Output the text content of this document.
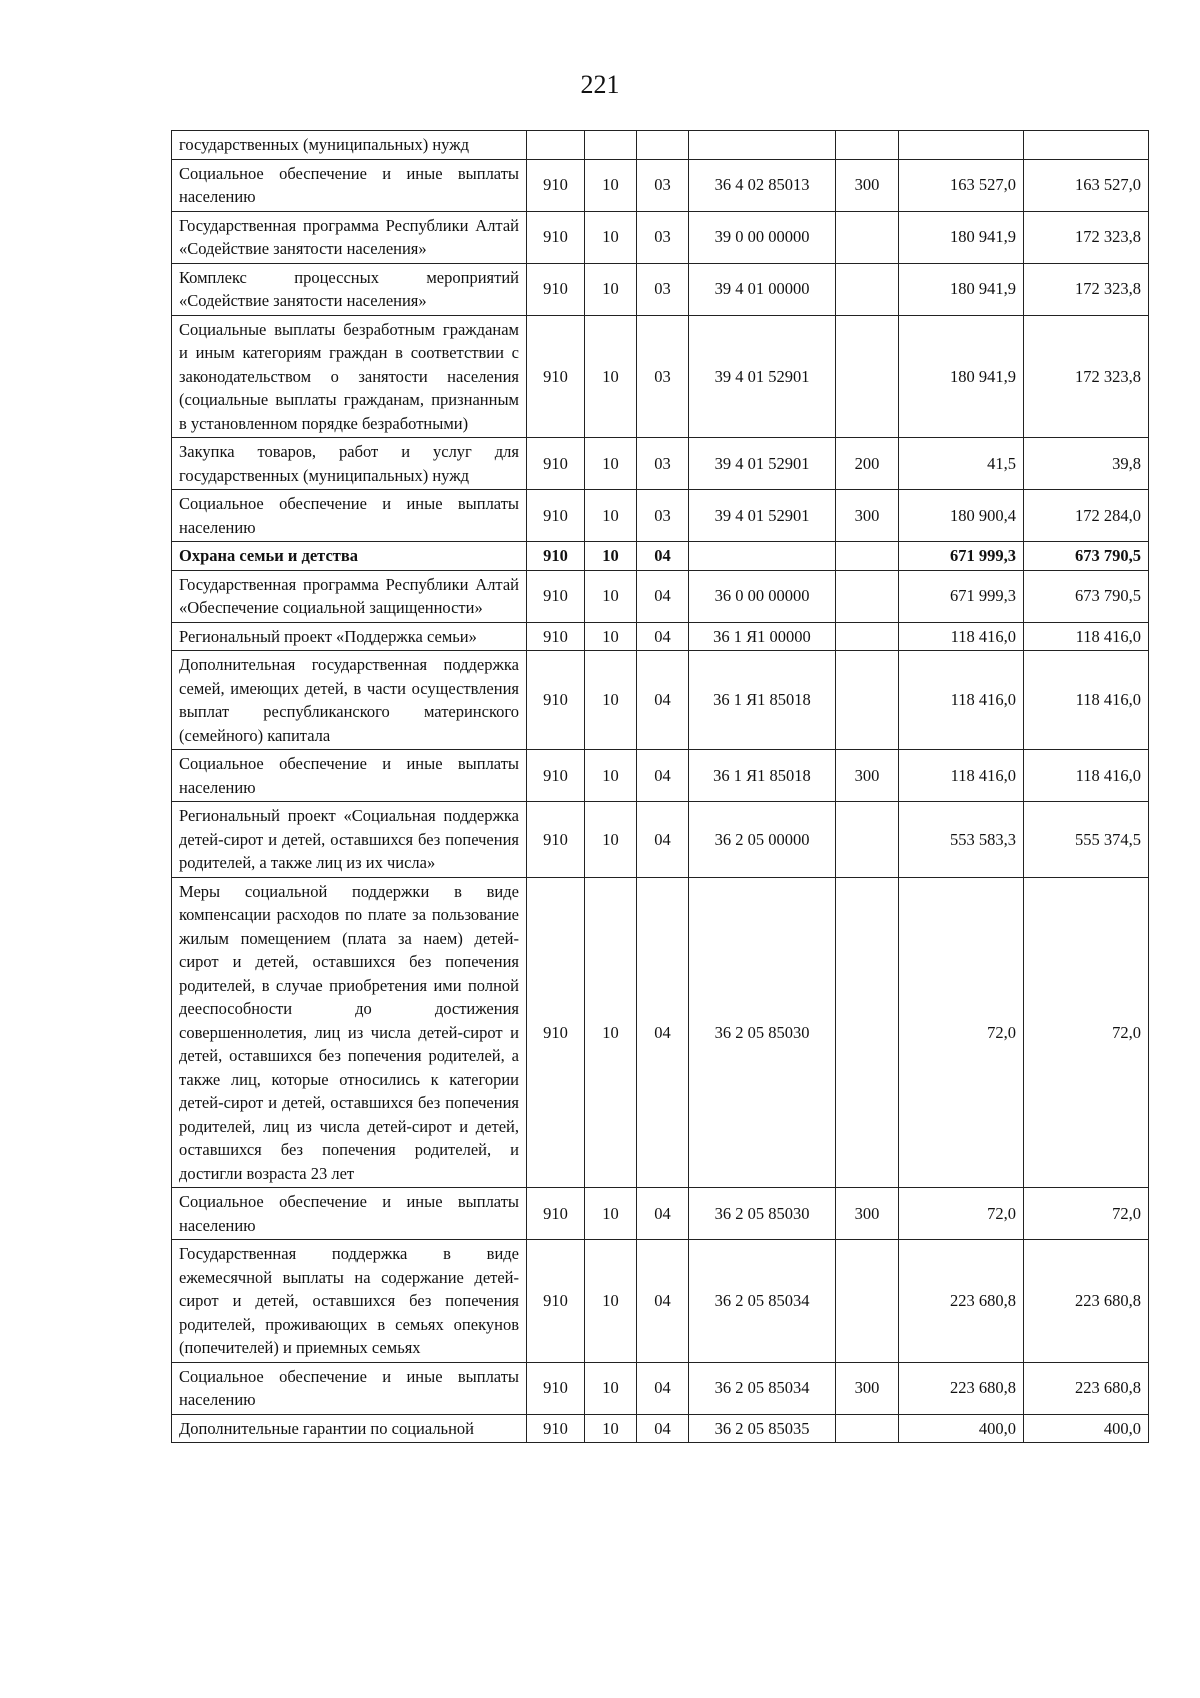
221
государственных (муниципальных) нужд							
Социальное обеспечение и иные выплаты населению	910	10	03	36 4 02 85013	300	163 527,0	163 527,0
Государственная программа Республики Алтай «Содействие занятости населения»	910	10	03	39 0 00 00000		180 941,9	172 323,8
Комплекс процессных мероприятий «Содействие занятости населения»	910	10	03	39 4 01 00000		180 941,9	172 323,8
Социальные выплаты безработным гражданам и иным категориям граждан в соответствии с законодательством о занятости населения (социальные выплаты гражданам, признанным в установленном порядке безработными)	910	10	03	39 4 01 52901		180 941,9	172 323,8
Закупка товаров, работ и услуг для государственных (муниципальных) нужд	910	10	03	39 4 01 52901	200	41,5	39,8
Социальное обеспечение и иные выплаты населению	910	10	03	39 4 01 52901	300	180 900,4	172 284,0
Охрана семьи и детства	910	10	04			671 999,3	673 790,5
Государственная программа Республики Алтай «Обеспечение социальной защищенности»	910	10	04	36 0 00 00000		671 999,3	673 790,5
Региональный проект «Поддержка семьи»	910	10	04	36 1 Я1 00000		118 416,0	118 416,0
Дополнительная государственная поддержка семей, имеющих детей, в части осуществления выплат республиканского материнского (семейного) капитала	910	10	04	36 1 Я1 85018		118 416,0	118 416,0
Социальное обеспечение и иные выплаты населению	910	10	04	36 1 Я1 85018	300	118 416,0	118 416,0
Региональный проект «Социальная поддержка детей-сирот и детей, оставшихся без попечения родителей, а также лиц из их числа»	910	10	04	36 2 05 00000		553 583,3	555 374,5
Меры социальной поддержки в виде компенсации расходов по плате за пользование жилым помещением (плата за наем) детей-сирот и детей, оставшихся без попечения родителей, в случае приобретения ими полной дееспособности до достижения совершеннолетия, лиц из числа детей-сирот и детей, оставшихся без попечения родителей, а также лиц, которые относились к категории детей-сирот и детей, оставшихся без попечения родителей, лиц из числа детей-сирот и детей, оставшихся без попечения родителей, и достигли возраста 23 лет	910	10	04	36 2 05 85030		72,0	72,0
Социальное обеспечение и иные выплаты населению	910	10	04	36 2 05 85030	300	72,0	72,0
Государственная поддержка в виде ежемесячной выплаты на содержание детей-сирот и детей, оставшихся без попечения родителей, проживающих в семьях опекунов (попечителей) и приемных семьях	910	10	04	36 2 05 85034		223 680,8	223 680,8
Социальное обеспечение и иные выплаты населению	910	10	04	36 2 05 85034	300	223 680,8	223 680,8
Дополнительные гарантии по социальной	910	10	04	36 2 05 85035		400,0	400,0
